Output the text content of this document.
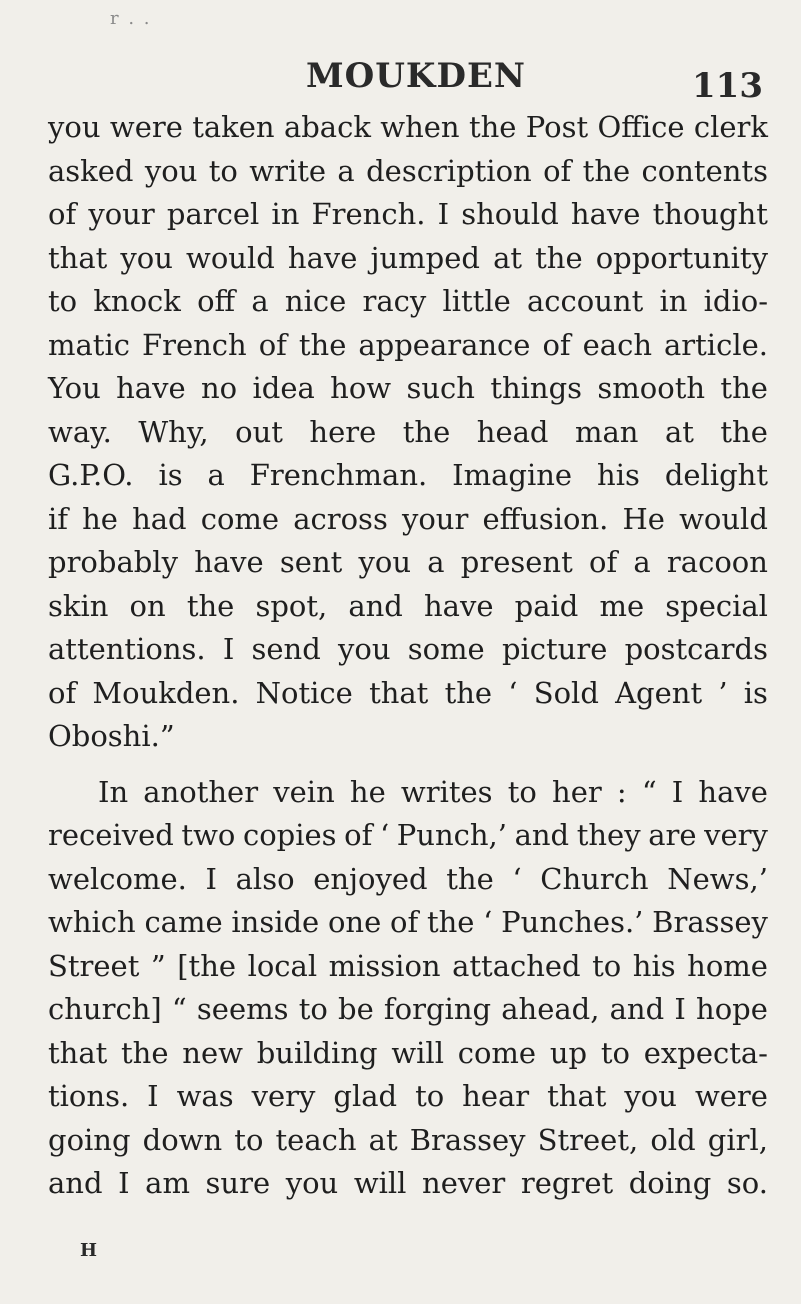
r . .
MOUKDEN	113
you were taken aback when the Post Office clerk
asked you to write a description of the contents
of your parcel in French. I should have thought
that you would have jumped at the opportunity
to knock off a nice racy little account in idio-
matic French of the appearance of each article.
You have no idea how such things smooth the
way. Why, out here the head man at the
G.P.O. is a Frenchman. Imagine his delight
if he had come across your effusion. He would
probably have sent you a present of a racoon
skin on the spot, and have paid me special
attentions. I send you some picture postcards
of Moukden. Notice that the ‘ Sold Agent ’ is
Oboshi.”
In another vein he writes to her : “ I have
received two copies of ‘ Punch,’ and they are very
welcome. I also enjoyed the ‘ Church News,’
which came inside one of the ‘ Punches.’ Brassey
Street ” [the local mission attached to his home
church] “ seems to be forging ahead, and I hope
that the new building will come up to expecta-
tions. I was very glad to hear that you were
going down to teach at Brassey Street, old girl,
and I am sure you will never regret doing so.
H
